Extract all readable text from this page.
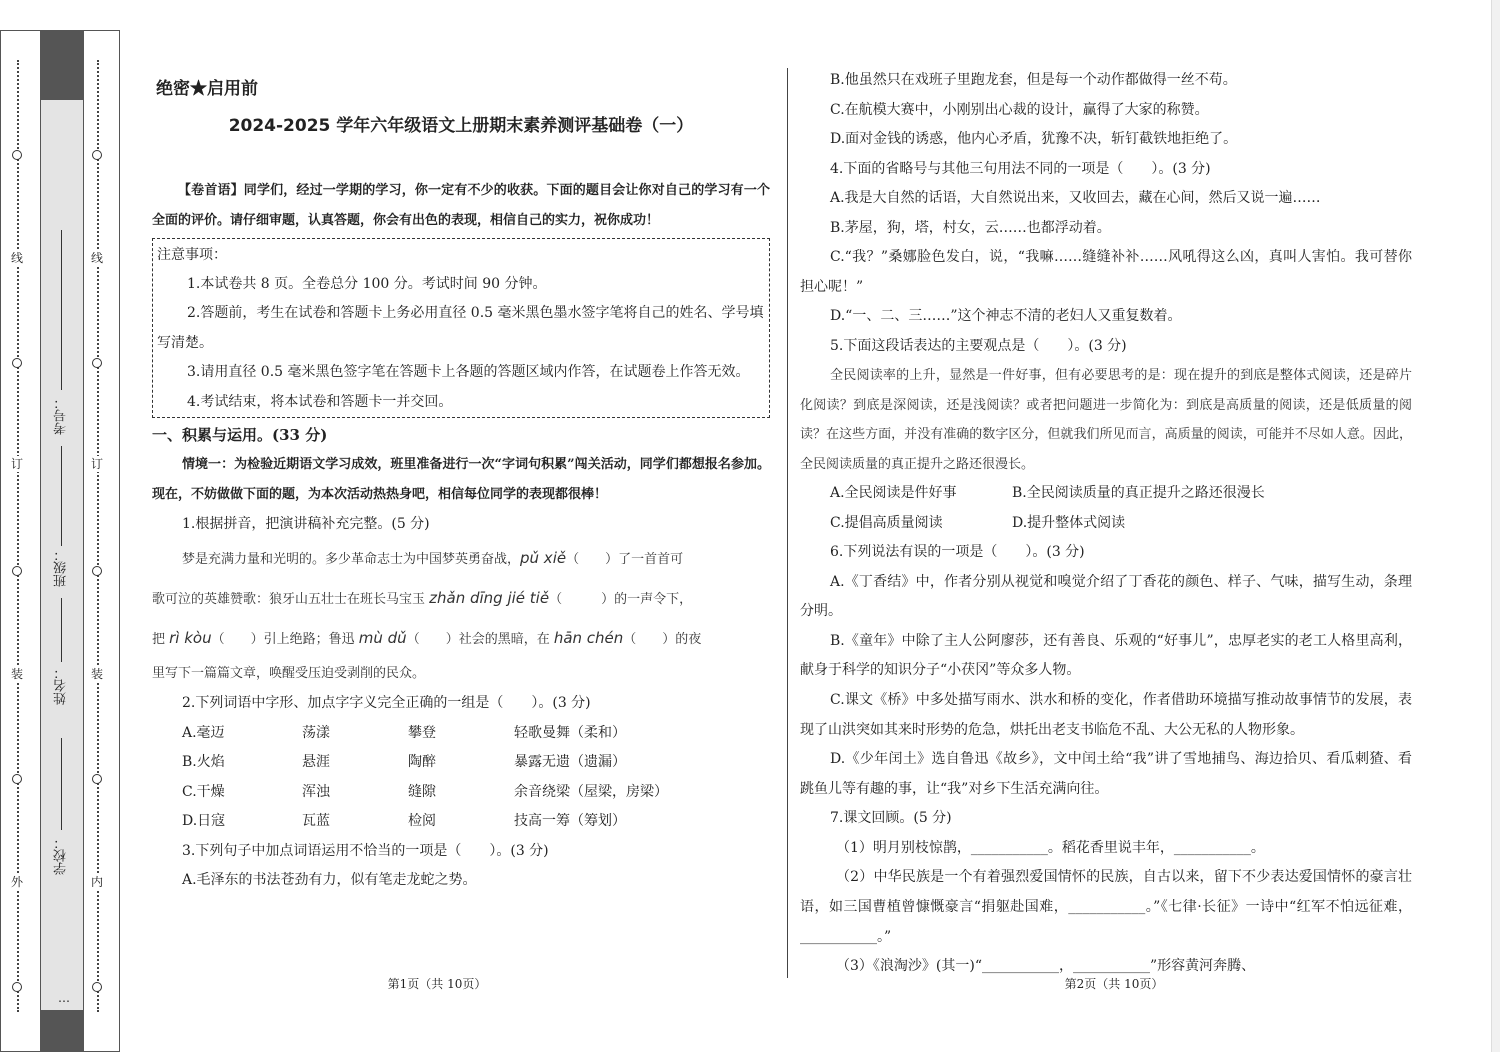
线
订
装
外
线
订
装
内
…
学校：
姓名：
班级：
考号：
绝密★启用前
2024-2025 学年六年级语文上册期末素养测评基础卷（一）
【卷首语】同学们，经过一学期的学习，你一定有不少的收获。下面的题目会让你对自己的学习有一个全面的评价。请仔细审题，认真答题，你会有出色的表现，相信自己的实力，祝你成功！
注意事项：
1.本试卷共 8 页。全卷总分 100 分。考试时间 90 分钟。
2.答题前，考生在试卷和答题卡上务必用直径 0.5 毫米黑色墨水签字笔将自己的姓名、学号填写清楚。
3.请用直径 0.5 毫米黑色签字笔在答题卡上各题的答题区域内作答，在试题卷上作答无效。
4.考试结束，将本试卷和答题卡一并交回。
一、积累与运用。(33 分)
情境一：为检验近期语文学习成效，班里准备进行一次“字词句积累”闯关活动，同学们都想报名参加。现在，不妨做做下面的题，为本次活动热热身吧，相信每位同学的表现都很棒！
1.根据拼音，把演讲稿补充完整。(5 分)
梦是充满力量和光明的。多少革命志士为中国梦英勇奋战，pǔ xiě（　　）了一首首可
歌可泣的英雄赞歌：狼牙山五壮士在班长马宝玉 zhǎn dīng jié tiě（　　　）的一声令下，
把 rì kòu（　　）引上绝路；鲁迅 mù dǔ（　　）社会的黑暗，在 hān chén（　　）的夜
里写下一篇篇文章，唤醒受压迫受剥削的民众。
2.下列词语中字形、加点字字义完全正确的一组是（　　）。(3 分)
A.毫迈	荡漾	攀登	轻歌曼舞（柔和）
B.火焰	悬涯	陶醉	暴露无遗（遗漏）
C.干燥	浑浊	缝隙	余音绕梁（屋梁，房梁）
D.日寇	瓦蓝	检阅	技高一筹（筹划）
3.下列句子中加点词语运用不恰当的一项是（　　）。(3 分)
A.毛泽东的书法苍劲有力，似有笔走龙蛇之势。
第1页（共 10页）
B.他虽然只在戏班子里跑龙套，但是每一个动作都做得一丝不苟。
C.在航模大赛中，小刚别出心裁的设计，赢得了大家的称赞。
D.面对金钱的诱惑，他内心矛盾，犹豫不决，斩钉截铁地拒绝了。
4.下面的省略号与其他三句用法不同的一项是（　　）。(3 分)
A.我是大自然的话语，大自然说出来，又收回去，藏在心间，然后又说一遍……
B.茅屋，狗，塔，村女，云……也都浮动着。
C.“我？”桑娜脸色发白，说，“我嘛……缝缝补补……风吼得这么凶，真叫人害怕。我可替你担心呢！”
D.“一、二、三……”这个神志不清的老妇人又重复数着。
5.下面这段话表达的主要观点是（　　）。(3 分)
全民阅读率的上升，显然是一件好事，但有必要思考的是：现在提升的到底是整体式阅读，还是碎片化阅读？到底是深阅读，还是浅阅读？或者把问题进一步简化为：到底是高质量的阅读，还是低质量的阅读？在这些方面，并没有准确的数字区分，但就我们所见而言，高质量的阅读，可能并不尽如人意。因此，全民阅读质量的真正提升之路还很漫长。
A.全民阅读是件好事	B.全民阅读质量的真正提升之路还很漫长
C.提倡高质量阅读	D.提升整体式阅读
6.下列说法有误的一项是（　　）。(3 分)
A.《丁香结》中，作者分别从视觉和嗅觉介绍了丁香花的颜色、样子、气味，描写生动，条理分明。
B.《童年》中除了主人公阿廖莎，还有善良、乐观的“好事儿”，忠厚老实的老工人格里高利，献身于科学的知识分子“小茯冈”等众多人物。
C.课文《桥》中多处描写雨水、洪水和桥的变化，作者借助环境描写推动故事情节的发展，表现了山洪突如其来时形势的危急，烘托出老支书临危不乱、大公无私的人物形象。
D.《少年闰土》选自鲁迅《故乡》，文中闰土给“我”讲了雪地捕鸟、海边拾贝、看瓜刺猹、看跳鱼儿等有趣的事，让“我”对乡下生活充满向往。
7.课文回顾。(5 分)
（1）明月别枝惊鹊，___________。稻花香里说丰年，___________。
（2）中华民族是一个有着强烈爱国情怀的民族，自古以来，留下不少表达爱国情怀的豪言壮语，如三国曹植曾慷慨豪言“捐躯赴国难，___________。”《七律·长征》一诗中“红军不怕远征难，___________。”
（3）《浪淘沙》(其一)“___________，___________”形容黄河奔腾、
第2页（共 10页）
